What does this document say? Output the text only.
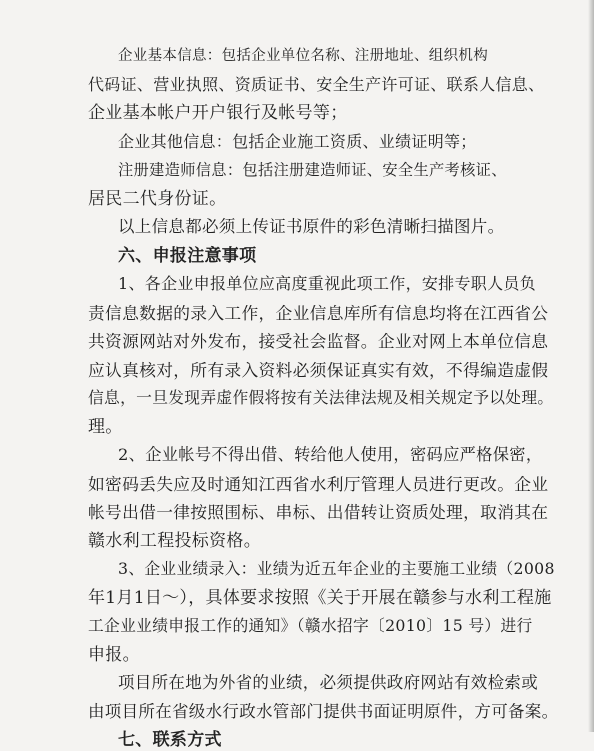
企业基本信息：包括企业单位名称、注册地址、组织机构
代码证、营业执照、资质证书、安全生产许可证、联系人信息、
企业基本帐户开户银行及帐号等；
企业其他信息：包括企业施工资质、业绩证明等；
注册建造师信息：包括注册建造师证、安全生产考核证、
居民二代身份证。
以上信息都必须上传证书原件的彩色清晰扫描图片。
六、申报注意事项
1、各企业申报单位应高度重视此项工作，安排专职人员负
责信息数据的录入工作，企业信息库所有信息均将在江西省公
共资源网站对外发布，接受社会监督。企业对网上本单位信息
应认真核对，所有录入资料必须保证真实有效，不得编造虚假
信息，一旦发现弄虚作假将按有关法律法规及相关规定予以处理。
理。
2、企业帐号不得出借、转给他人使用，密码应严格保密，
如密码丢失应及时通知江西省水利厅管理人员进行更改。企业
帐号出借一律按照围标、串标、出借转让资质处理，取消其在
赣水利工程投标资格。
3、企业业绩录入：业绩为近五年企业的主要施工业绩（2008
年1月1日～），具体要求按照《关于开展在赣参与水利工程施
工企业业绩申报工作的通知》（赣水招字〔2010〕15 号）进行
申报。
项目所在地为外省的业绩，必须提供政府网站有效检索或
由项目所在省级水行政水管部门提供书面证明原件，方可备案。
七、联系方式
